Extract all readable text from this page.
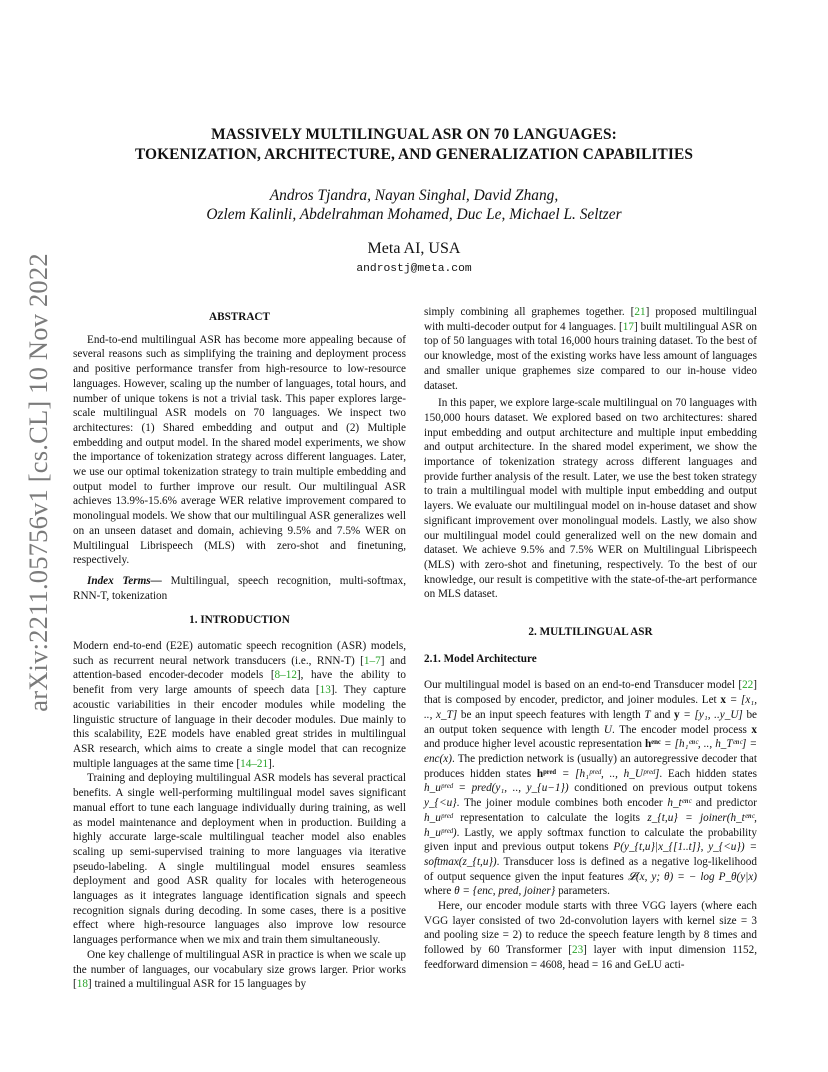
arXiv:2211.05756v1 [cs.CL] 10 Nov 2022
MASSIVELY MULTILINGUAL ASR ON 70 LANGUAGES:
TOKENIZATION, ARCHITECTURE, AND GENERALIZATION CAPABILITIES
Andros Tjandra, Nayan Singhal, David Zhang,
Ozlem Kalinli, Abdelrahman Mohamed, Duc Le, Michael L. Seltzer
Meta AI, USA
androstj@meta.com

ABSTRACT

End-to-end multilingual ASR has become more appealing because of several reasons such as simplifying the training and deployment process and positive performance transfer from high-resource to low-resource languages. However, scaling up the number of languages, total hours, and number of unique tokens is not a trivial task. This paper explores large-scale multilingual ASR models on 70 languages. We inspect two architectures: (1) Shared embedding and output and (2) Multiple embedding and output model. In the shared model experiments, we show the importance of tokenization strategy across different languages. Later, we use our optimal tokenization strategy to train multiple embedding and output model to further improve our result. Our multilingual ASR achieves 13.9%-15.6% average WER relative improvement compared to monolingual models. We show that our multilingual ASR generalizes well on an unseen dataset and domain, achieving 9.5% and 7.5% WER on Multilingual Librispeech (MLS) with zero-shot and finetuning, respectively.

Index Terms— Multilingual, speech recognition, multi-softmax, RNN-T, tokenization

1. INTRODUCTION

Modern end-to-end (E2E) automatic speech recognition (ASR) models, such as recurrent neural network transducers (i.e., RNN-T) [1–7] and attention-based encoder-decoder models [8–12], have the ability to benefit from very large amounts of speech data [13]. They capture acoustic variabilities in their encoder modules while modeling the linguistic structure of language in their decoder modules. Due mainly to this scalability, E2E models have enabled great strides in multilingual ASR research, which aims to create a single model that can recognize multiple languages at the same time [14–21].

Training and deploying multilingual ASR models has several practical benefits. A single well-performing multilingual model saves significant manual effort to tune each language individually during training, as well as model maintenance and deployment when in production. Building a highly accurate large-scale multilingual teacher model also enables scaling up semi-supervised training to more languages via iterative pseudo-labeling. A single multilingual model ensures seamless deployment and good ASR quality for locales with heterogeneous languages as it integrates language identification signals and speech recognition signals during decoding. In some cases, there is a positive effect where high-resource languages also improve low resource languages performance when we mix and train them simultaneously.

One key challenge of multilingual ASR in practice is when we scale up the number of languages, our vocabulary size grows larger. Prior works [18] trained a multilingual ASR for 15 languages by

simply combining all graphemes together. [21] proposed multilingual with multi-decoder output for 4 languages. [17] built multilingual ASR on top of 50 languages with total 16,000 hours training dataset. To the best of our knowledge, most of the existing works have less amount of languages and smaller unique graphemes size compared to our in-house video dataset.

In this paper, we explore large-scale multilingual on 70 languages with 150,000 hours dataset. We explored based on two architectures: shared input embedding and output architecture and multiple input embedding and output architecture. In the shared model experiment, we show the importance of tokenization strategy across different languages and provide further analysis of the result. Later, we use the best token strategy to train a multilingual model with multiple input embedding and output layers. We evaluate our multilingual model on in-house dataset and show significant improvement over monolingual models. Lastly, we also show our multilingual model could generalized well on the new domain and dataset. We achieve 9.5% and 7.5% WER on Multilingual Librispeech (MLS) with zero-shot and finetuning, respectively. To the best of our knowledge, our result is competitive with the state-of-the-art performance on MLS dataset.

2. MULTILINGUAL ASR

2.1. Model Architecture

Our multilingual model is based on an end-to-end Transducer model [22] that is composed by encoder, predictor, and joiner modules. Let x = [x₁, .., x_T] be an input speech features with length T and y = [y₁, ..y_U] be an output token sequence with length U. The encoder model process x and produce higher level acoustic representation hᵉⁿᶜ = [h₁ᵉⁿᶜ, .., h_Tᵉⁿᶜ] = enc(x). The prediction network is (usually) an autoregressive decoder that produces hidden states hᵖʳᵉᵈ = [h₁ᵖʳᵉᵈ, .., h_Uᵖʳᵉᵈ]. Each hidden states h_uᵖʳᵉᵈ = pred(y₁, .., y_{u−1}) conditioned on previous output tokens y_{<u}. The joiner module combines both encoder h_tᵉⁿᶜ and predictor h_uᵖʳᵉᵈ representation to calculate the logits z_{t,u} = joiner(h_tᵉⁿᶜ, h_uᵖʳᵉᵈ). Lastly, we apply softmax function to calculate the probability given input and previous output tokens P(y_{t,u}|x_{[1..t]}, y_{<u}) = softmax(z_{t,u}). Transducer loss is defined as a negative log-likelihood of output sequence given the input features 𝓛(x, y; θ) = − log P_θ(y|x) where θ = {enc, pred, joiner} parameters.

Here, our encoder module starts with three VGG layers (where each VGG layer consisted of two 2d-convolution layers with kernel size = 3 and pooling size = 2) to reduce the speech feature length by 8 times and followed by 60 Transformer [23] layer with input dimension 1152, feedforward dimension = 4608, head = 16 and GeLU acti-
